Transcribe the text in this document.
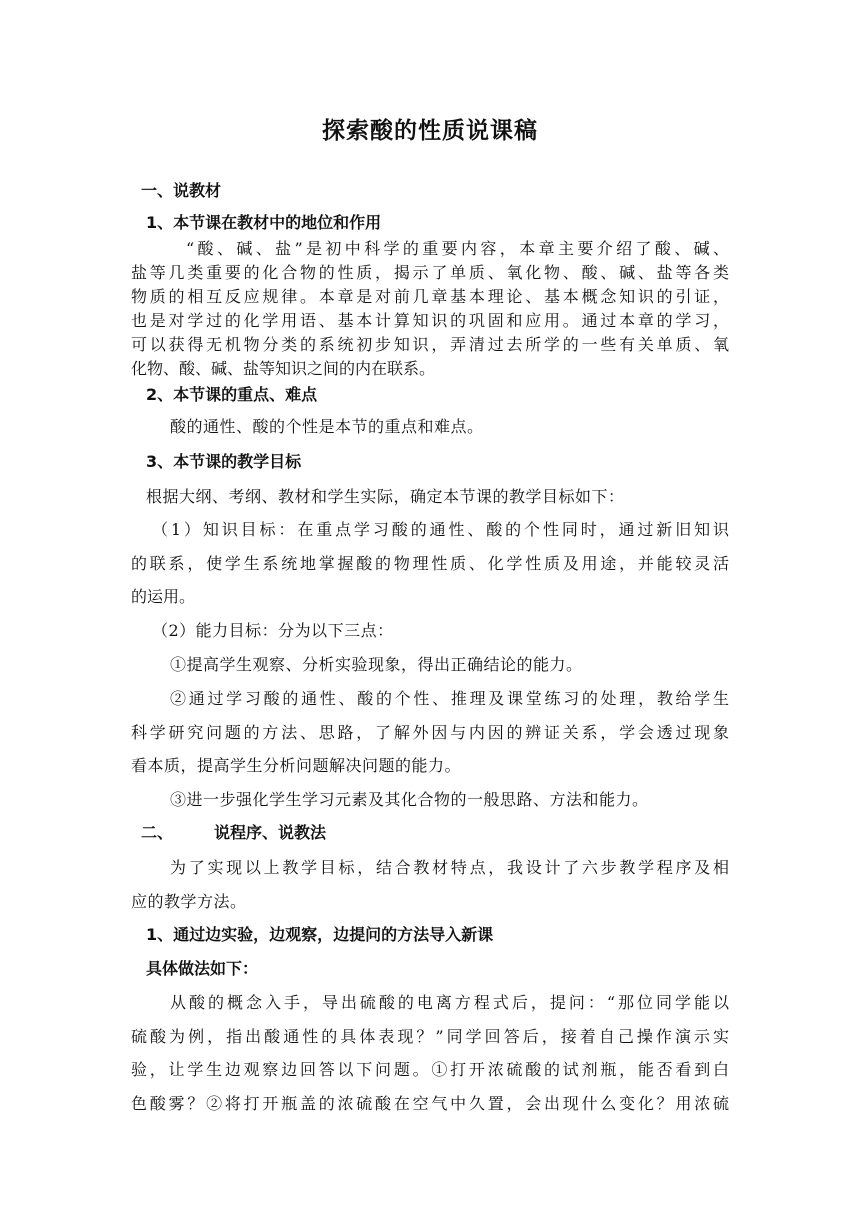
探索酸的性质说课稿
一、说教材
1、本节课在教材中的地位和作用
“酸、碱、盐”是初中科学的重要内容，本章主要介绍了酸、碱、
盐等几类重要的化合物的性质，揭示了单质、氧化物、酸、碱、盐等各类
物质的相互反应规律。本章是对前几章基本理论、基本概念知识的引证，
也是对学过的化学用语、基本计算知识的巩固和应用。通过本章的学习，
可以获得无机物分类的系统初步知识，弄清过去所学的一些有关单质、氧
化物、酸、碱、盐等知识之间的内在联系。
2、本节课的重点、难点
酸的通性、酸的个性是本节的重点和难点。
3、本节课的教学目标
根据大纲、考纲、教材和学生实际，确定本节课的教学目标如下：
（1）知识目标：在重点学习酸的通性、酸的个性同时，通过新旧知识
的联系，使学生系统地掌握酸的物理性质、化学性质及用途，并能较灵活
的运用。
（2）能力目标：分为以下三点：
①提高学生观察、分析实验现象，得出正确结论的能力。
②通过学习酸的通性、酸的个性、推理及课堂练习的处理，教给学生
科学研究问题的方法、思路，了解外因与内因的辨证关系，学会透过现象
看本质，提高学生分析问题解决问题的能力。
③进一步强化学生学习元素及其化合物的一般思路、方法和能力。
二、	说程序、说教法
为了实现以上教学目标，结合教材特点，我设计了六步教学程序及相
应的教学方法。
1、通过边实验，边观察，边提问的方法导入新课
具体做法如下：
从酸的概念入手，导出硫酸的电离方程式后，提问：“那位同学能以
硫酸为例，指出酸通性的具体表现？”同学回答后，接着自己操作演示实
验，让学生边观察边回答以下问题。①打开浓硫酸的试剂瓶，能否看到白
色酸雾？②将打开瓶盖的浓硫酸在空气中久置，会出现什么变化？用浓硫
